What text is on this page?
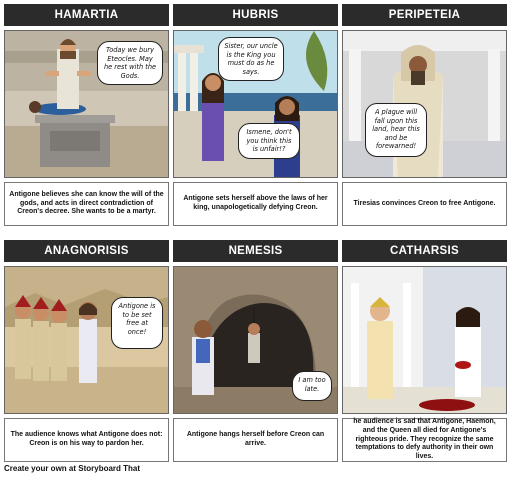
HAMARTIA
Today we bury Eteocles. May he rest with the Gods.
Antigone believes she can know the will of the gods, and acts in direct contradiction of Creon's decree. She wants to be a martyr.
HUBRIS
Sister, our uncle is the King you must do as he says.
Ismene, don't you think this is unfair!?
Antigone sets herself above the laws of her king, unapologetically defying Creon.
PERIPETEIA
A plague will fall upon this land, hear this and be forewarned!
Tiresias convinces Creon to free Antigone.
ANAGNORISIS
Antigone is to be set free at once!
The audience knows what Antigone does not: Creon is on his way to pardon her.
NEMESIS
I am too late.
Antigone hangs herself before Creon can arrive.
CATHARSIS
he audience is sad that Antigone, Haemon, and the Queen all died for Antigone's righteous pride. They recognize the same temptations to defy authority in their own lives.
Create your own at Storyboard That
